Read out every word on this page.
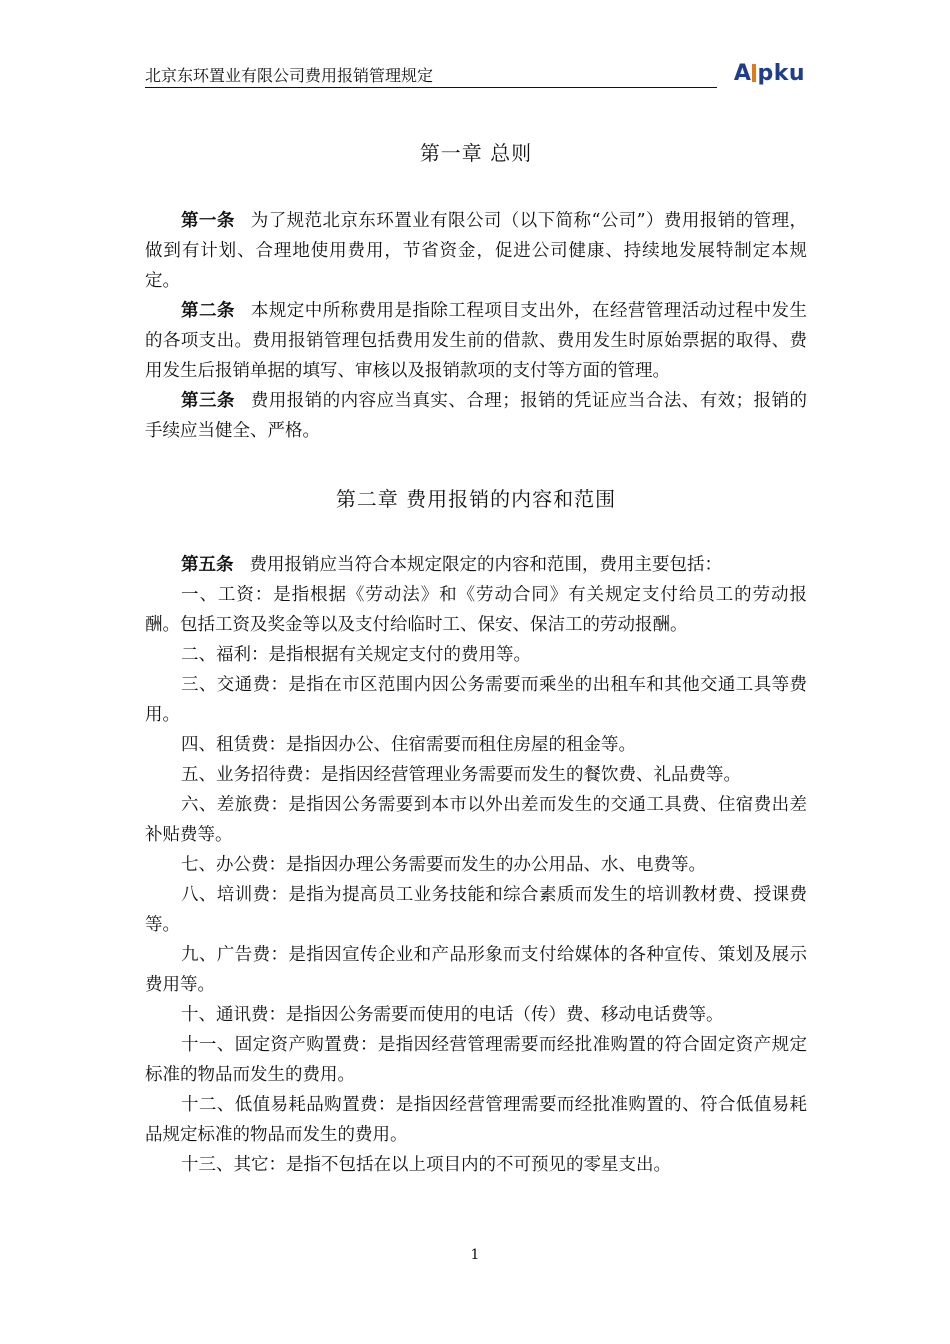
北京东环置业有限公司费用报销管理规定	A pku
第一章 总则

第一条 为了规范北京东环置业有限公司（以下简称“公司”）费用报销的管理，做到有计划、合理地使用费用，节省资金，促进公司健康、持续地发展特制定本规定。

第二条 本规定中所称费用是指除工程项目支出外，在经营管理活动过程中发生的各项支出。费用报销管理包括费用发生前的借款、费用发生时原始票据的取得、费用发生后报销单据的填写、审核以及报销款项的支付等方面的管理。

第三条 费用报销的内容应当真实、合理；报销的凭证应当合法、有效；报销的手续应当健全、严格。

第二章 费用报销的内容和范围

第五条 费用报销应当符合本规定限定的内容和范围，费用主要包括：

一、工资：是指根据《劳动法》和《劳动合同》有关规定支付给员工的劳动报酬。包括工资及奖金等以及支付给临时工、保安、保洁工的劳动报酬。

二、福利：是指根据有关规定支付的费用等。

三、交通费：是指在市区范围内因公务需要而乘坐的出租车和其他交通工具等费用。

四、租赁费：是指因办公、住宿需要而租住房屋的租金等。

五、业务招待费：是指因经营管理业务需要而发生的餐饮费、礼品费等。

六、差旅费：是指因公务需要到本市以外出差而发生的交通工具费、住宿费出差补贴费等。

七、办公费：是指因办理公务需要而发生的办公用品、水、电费等。

八、培训费：是指为提高员工业务技能和综合素质而发生的培训教材费、授课费等。

九、广告费：是指因宣传企业和产品形象而支付给媒体的各种宣传、策划及展示费用等。

十、通讯费：是指因公务需要而使用的电话（传）费、移动电话费等。

十一、固定资产购置费：是指因经营管理需要而经批准购置的符合固定资产规定标准的物品而发生的费用。

十二、低值易耗品购置费：是指因经营管理需要而经批准购置的、符合低值易耗品规定标准的物品而发生的费用。

十三、其它：是指不包括在以上项目内的不可预见的零星支出。

1
